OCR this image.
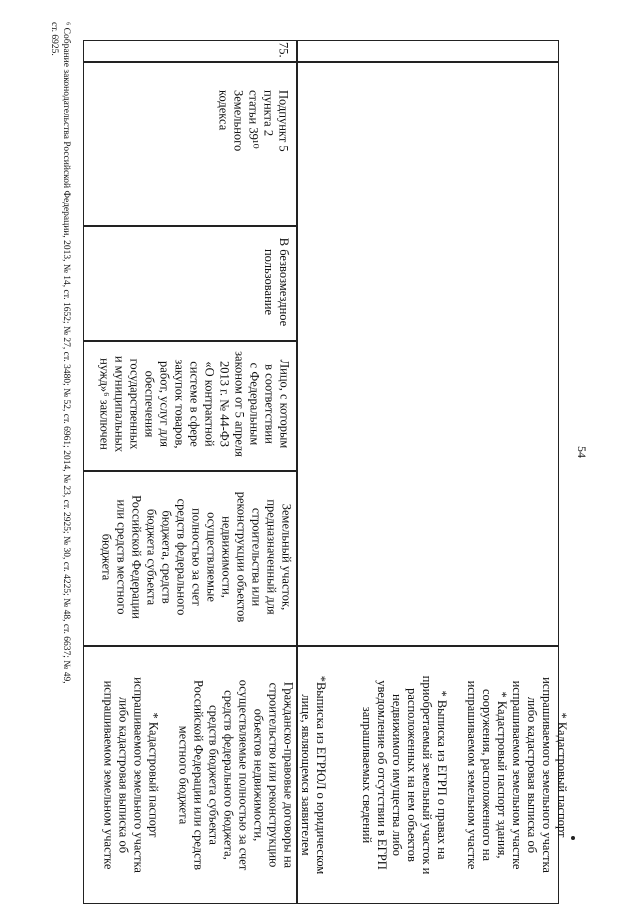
54
75.
Подпункт 5
пункта 2
статьи 39¹⁰
Земельного
кодекса
В безвозмездное
пользование
Лицо, с которым
в соответствии
с Федеральным
законом от 5 апреля
2013 г. № 44-ФЗ
«О контрактной
системе в сфере
закупок товаров,
работ, услуг для
обеспечения
государственных
и муниципальных
нужд»⁶ заключен
Земельный участок,
предназначенный для
строительства или
реконструкции объектов
недвижимости,
осуществляемые
полностью за счет
средств федерального
бюджета, средств
бюджета субъекта
Российской Федерации
или средств местного
бюджета
* Кадастровый паспорт
испрашиваемого земельного участка
либо кадастровая выписка об
испрашиваемом земельном участке
* Кадастровый паспорт здания,
сооружения, расположенного на
испрашиваемом земельном участке

* Выписка из ЕГРП о правах на
приобретаемый земельный участок и
расположенных на нем объектов
недвижимого имущества либо
уведомление об отсутствии в ЕГРП
запрашиваемых сведений
*Выписка из ЕГРЮЛ о юридическом
лице, являющемся заявителем
Гражданско-правовые договоры на
строительство или реконструкцию
объектов недвижимости,
осуществляемые полностью за счет
средств федерального бюджета,
средств бюджета субъекта
Российской Федерации или средств
местного бюджета

* Кадастровый паспорт
испрашиваемого земельного участка
либо кадастровая выписка об
испрашиваемом земельном участке
⁶ Собрание законодательства Российской Федерации, 2013, № 14, ст. 1652; № 27, ст. 3480; № 52, ст. 6961; 2014, № 23, ст. 2925; № 30, ст. 4225; № 48, ст. 6637; № 49,
ст. 6925.
